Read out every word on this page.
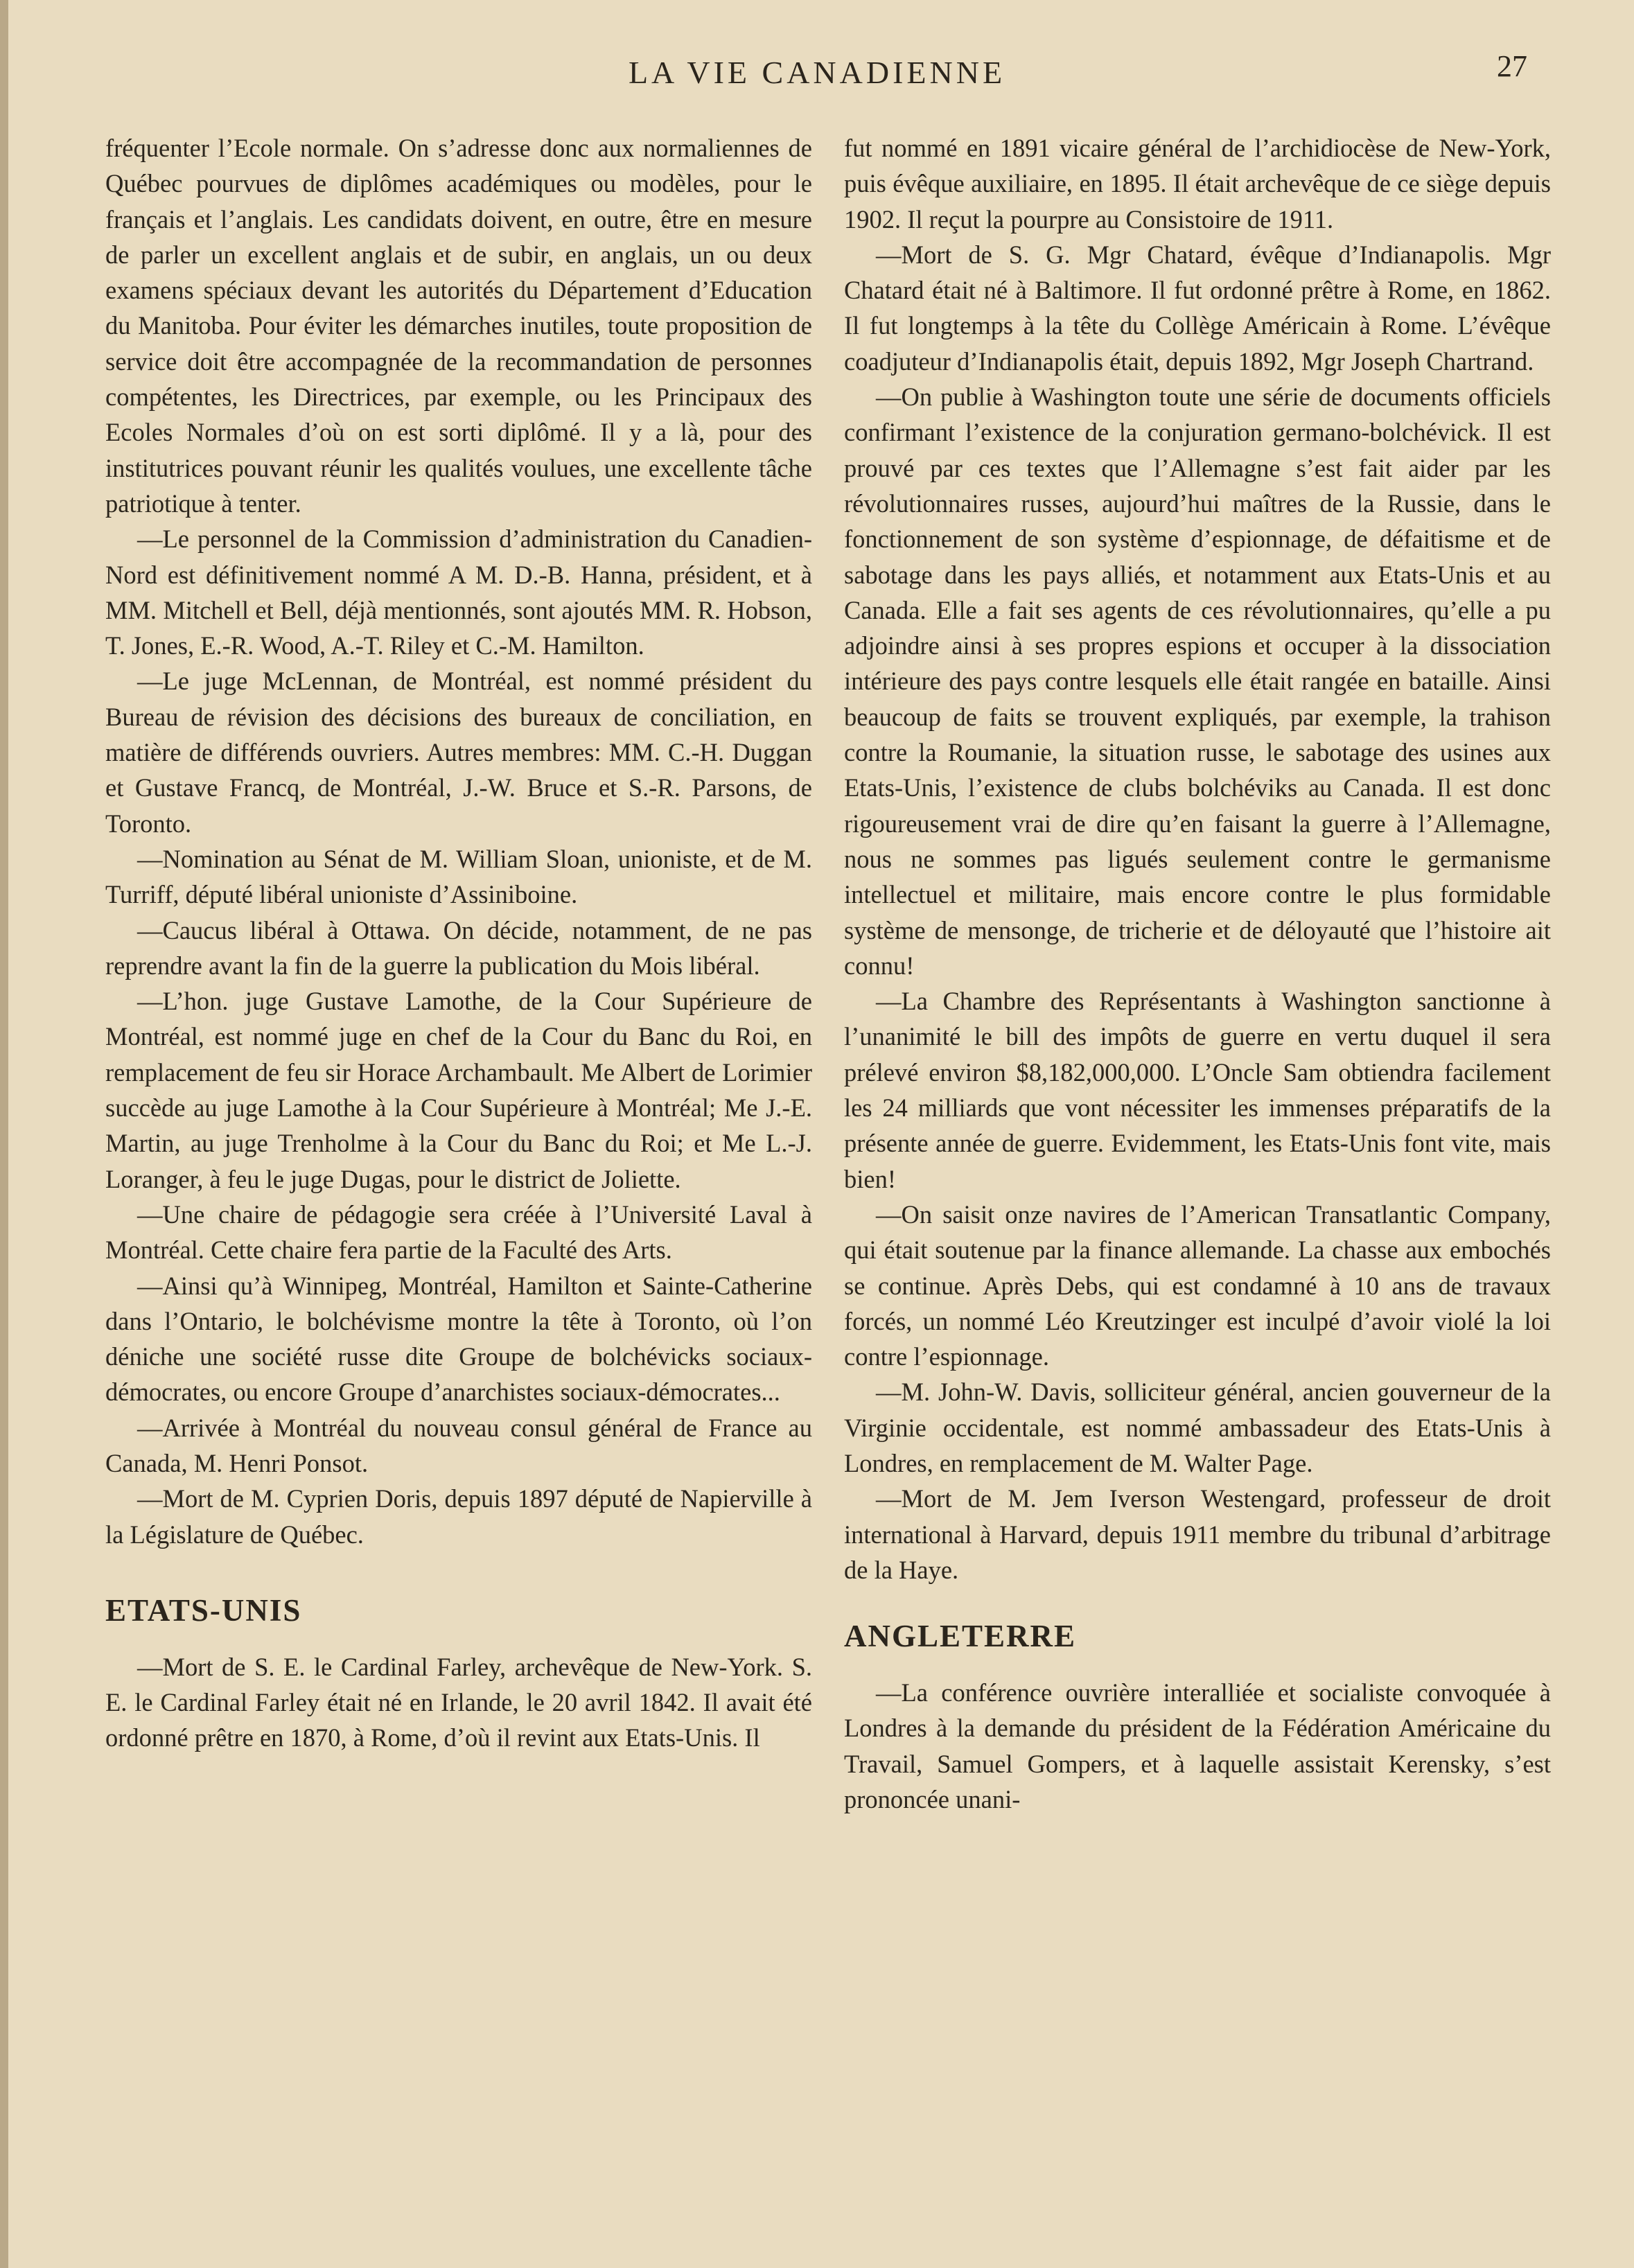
LA VIE CANADIENNE	27

fréquenter l’Ecole normale. On s’adresse donc aux normaliennes de Québec pourvues de diplômes académiques ou modèles, pour le français et l’anglais. Les candidats doivent, en outre, être en mesure de parler un excellent anglais et de subir, en anglais, un ou deux examens spéciaux devant les autorités du Département d’Education du Manitoba. Pour éviter les démarches inutiles, toute proposition de service doit être accompagnée de la recommandation de personnes compétentes, les Directrices, par exemple, ou les Principaux des Ecoles Normales d’où on est sorti diplômé. Il y a là, pour des institutrices pouvant réunir les qualités voulues, une excellente tâche patriotique à tenter.

—Le personnel de la Commission d’administration du Canadien-Nord est définitivement nommé A M. D.-B. Hanna, président, et à MM. Mitchell et Bell, déjà mentionnés, sont ajoutés MM. R. Hobson, T. Jones, E.-R. Wood, A.-T. Riley et C.-M. Hamilton.

—Le juge McLennan, de Montréal, est nommé président du Bureau de révision des décisions des bureaux de conciliation, en matière de différends ouvriers. Autres membres: MM. C.-H. Duggan et Gustave Francq, de Montréal, J.-W. Bruce et S.-R. Parsons, de Toronto.

—Nomination au Sénat de M. William Sloan, unioniste, et de M. Turriff, député libéral unioniste d’Assiniboine.

—Caucus libéral à Ottawa. On décide, notamment, de ne pas reprendre avant la fin de la guerre la publication du Mois libéral.

—L’hon. juge Gustave Lamothe, de la Cour Supérieure de Montréal, est nommé juge en chef de la Cour du Banc du Roi, en remplacement de feu sir Horace Archambault. Me Albert de Lorimier succède au juge Lamothe à la Cour Supérieure à Montréal; Me J.-E. Martin, au juge Trenholme à la Cour du Banc du Roi; et Me L.-J. Loranger, à feu le juge Dugas, pour le district de Joliette.

—Une chaire de pédagogie sera créée à l’Université Laval à Montréal. Cette chaire fera partie de la Faculté des Arts.

—Ainsi qu’à Winnipeg, Montréal, Hamilton et Sainte-Catherine dans l’Ontario, le bolchévisme montre la tête à Toronto, où l’on déniche une société russe dite Groupe de bolchévicks sociaux-démocrates, ou encore Groupe d’anarchistes sociaux-démocrates...

—Arrivée à Montréal du nouveau consul général de France au Canada, M. Henri Ponsot.

—Mort de M. Cyprien Doris, depuis 1897 député de Napierville à la Législature de Québec.

ETATS-UNIS

—Mort de S. E. le Cardinal Farley, archevêque de New-York. S. E. le Cardinal Farley était né en Irlande, le 20 avril 1842. Il avait été ordonné prêtre en 1870, à Rome, d’où il revint aux Etats-Unis. Il

fut nommé en 1891 vicaire général de l’archidiocèse de New-York, puis évêque auxiliaire, en 1895. Il était archevêque de ce siège depuis 1902. Il reçut la pourpre au Consistoire de 1911.

—Mort de S. G. Mgr Chatard, évêque d’Indianapolis. Mgr Chatard était né à Baltimore. Il fut ordonné prêtre à Rome, en 1862. Il fut longtemps à la tête du Collège Américain à Rome. L’évêque coadjuteur d’Indianapolis était, depuis 1892, Mgr Joseph Chartrand.

—On publie à Washington toute une série de documents officiels confirmant l’existence de la conjuration germano-bolchévick. Il est prouvé par ces textes que l’Allemagne s’est fait aider par les révolutionnaires russes, aujourd’hui maîtres de la Russie, dans le fonctionnement de son système d’espionnage, de défaitisme et de sabotage dans les pays alliés, et notamment aux Etats-Unis et au Canada. Elle a fait ses agents de ces révolutionnaires, qu’elle a pu adjoindre ainsi à ses propres espions et occuper à la dissociation intérieure des pays contre lesquels elle était rangée en bataille. Ainsi beaucoup de faits se trouvent expliqués, par exemple, la trahison contre la Roumanie, la situation russe, le sabotage des usines aux Etats-Unis, l’existence de clubs bolchéviks au Canada. Il est donc rigoureusement vrai de dire qu’en faisant la guerre à l’Allemagne, nous ne sommes pas ligués seulement contre le germanisme intellectuel et militaire, mais encore contre le plus formidable système de mensonge, de tricherie et de déloyauté que l’histoire ait connu!

—La Chambre des Représentants à Washington sanctionne à l’unanimité le bill des impôts de guerre en vertu duquel il sera prélevé environ $8,182,000,000. L’Oncle Sam obtiendra facilement les 24 milliards que vont nécessiter les immenses préparatifs de la présente année de guerre. Evidemment, les Etats-Unis font vite, mais bien!

—On saisit onze navires de l’American Transatlantic Company, qui était soutenue par la finance allemande. La chasse aux embochés se continue. Après Debs, qui est condamné à 10 ans de travaux forcés, un nommé Léo Kreutzinger est inculpé d’avoir violé la loi contre l’espionnage.

—M. John-W. Davis, solliciteur général, ancien gouverneur de la Virginie occidentale, est nommé ambassadeur des Etats-Unis à Londres, en remplacement de M. Walter Page.

—Mort de M. Jem Iverson Westengard, professeur de droit international à Harvard, depuis 1911 membre du tribunal d’arbitrage de la Haye.

ANGLETERRE

—La conférence ouvrière interalliée et socialiste convoquée à Londres à la demande du président de la Fédération Américaine du Travail, Samuel Gompers, et à laquelle assistait Kerensky, s’est prononcée unani-
